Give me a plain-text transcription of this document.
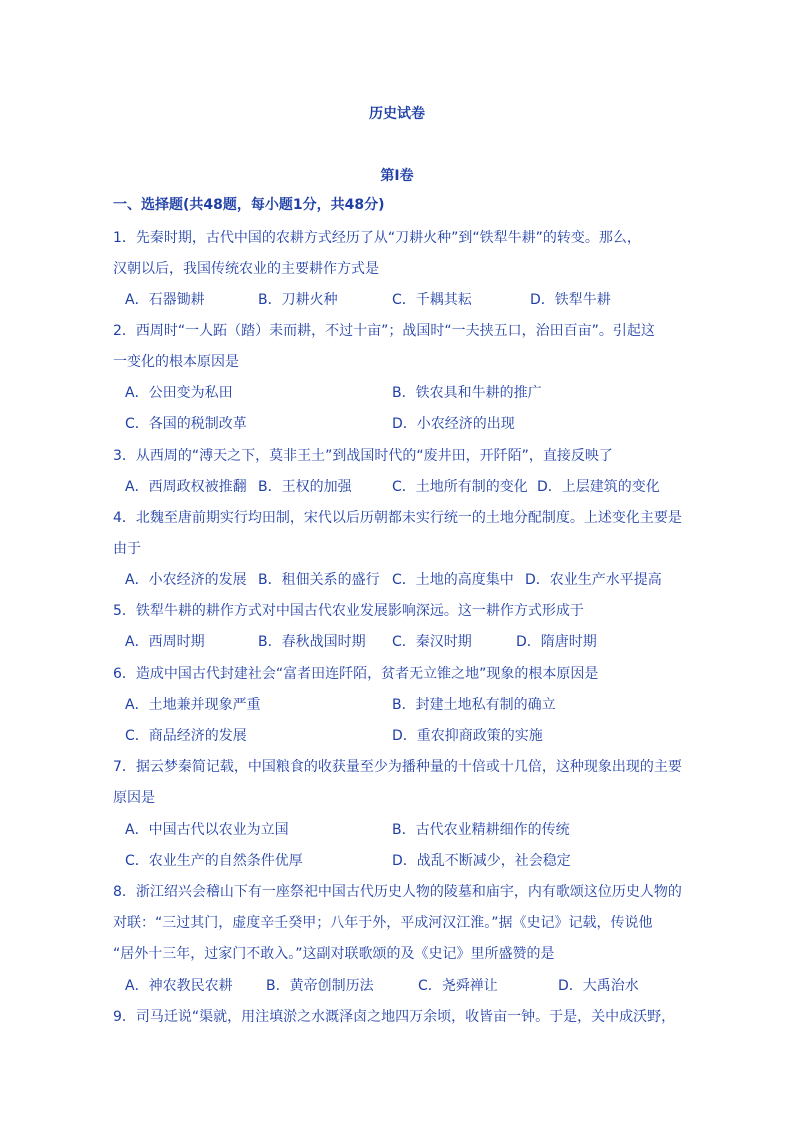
历史试卷
第Ⅰ卷
一、选择题(共48题，每小题1分，共48分)
1．先秦时期，古代中国的农耕方式经历了从“刀耕火种”到“铁犁牛耕”的转变。那么，
汉朝以后，我国传统农业的主要耕作方式是
A．石器锄耕	B．刀耕火种	C．千耦其耘	D．铁犁牛耕
2．西周时“一人跖（踏）耒而耕，不过十亩”；战国时“一夫挟五口，治田百亩”。引起这
一变化的根本原因是
A．公田变为私田	B．铁农具和牛耕的推广
C．各国的税制改革	D．小农经济的出现
3．从西周的“溥天之下，莫非王土”到战国时代的“废井田，开阡陌”，直接反映了
A．西周政权被推翻 B．王权的加强	C．土地所有制的变化 D．上层建筑的变化
4．北魏至唐前期实行均田制，宋代以后历朝都未实行统一的土地分配制度。上述变化主要是
由于
A．小农经济的发展 B．租佃关系的盛行 C．土地的高度集中 D．农业生产水平提高
5．铁犁牛耕的耕作方式对中国古代农业发展影响深远。这一耕作方式形成于
A．西周时期	B．春秋战国时期 C．秦汉时期	D．隋唐时期
6．造成中国古代封建社会“富者田连阡陌，贫者无立锥之地”现象的根本原因是
A．土地兼并现象严重	B．封建土地私有制的确立
C．商品经济的发展	D．重农抑商政策的实施
7．据云梦秦简记载，中国粮食的收获量至少为播种量的十倍或十几倍，这种现象出现的主要
原因是
A．中国古代以农业为立国	B．古代农业精耕细作的传统
C．农业生产的自然条件优厚	D．战乱不断减少，社会稳定
8．浙江绍兴会稽山下有一座祭祀中国古代历史人物的陵墓和庙宇，内有歌颂这位历史人物的
对联：“三过其门，虚度辛壬癸甲；八年于外，平成河汉江淮。”据《史记》记载，传说他
“居外十三年，过家门不敢入。”这副对联歌颂的及《史记》里所盛赞的是
A．神农教民农耕 B．黄帝创制历法	C．尧舜禅让	D．大禹治水
9．司马迁说“渠就，用注填淤之水溉泽卤之地四万余顷，收皆亩一钟。于是，关中成沃野，
